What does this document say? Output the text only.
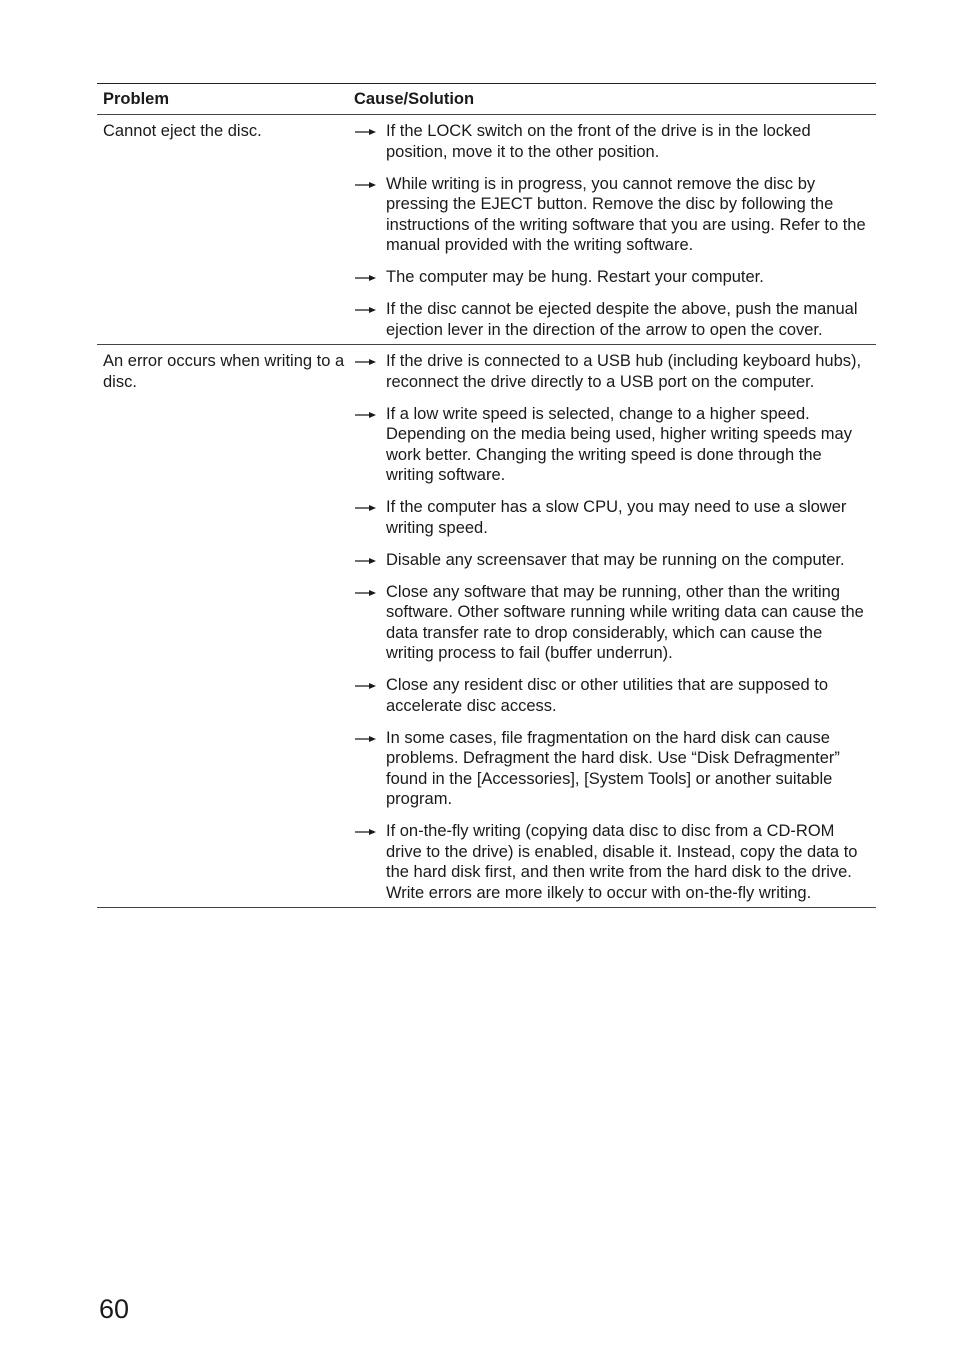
Problem	Cause/Solution
Cannot eject the disc.	If the LOCK switch on the front of the drive is in the locked position, move it to the other position.
While writing is in progress, you cannot remove the disc by pressing the EJECT button. Remove the disc by following the instructions of the writing software that you are using. Refer to the manual provided with the writing software.
The computer may be hung. Restart your computer.
If the disc cannot be ejected despite the above, push the manual ejection lever in the direction of the arrow to open the cover.
An error occurs when writing to a disc.
If the drive is connected to a USB hub (including keyboard hubs), reconnect the drive directly to a USB port on the computer.
If a low write speed is selected, change to a higher speed. Depending on the media being used, higher writing speeds may work better. Changing the writing speed is done through the writing software.
If the computer has a slow CPU, you may need to use a slower writing speed.
Disable any screensaver that may be running on the computer.
Close any software that may be running, other than the writing software. Other software running while writing data can cause the data transfer rate to drop considerably, which can cause the writing process to fail (buffer underrun).
Close any resident disc or other utilities that are supposed to accelerate disc access.
In some cases, file fragmentation on the hard disk can cause problems. Defragment the hard disk. Use “Disk Defragmenter” found in the [Accessories], [System Tools] or another suitable program.
If on-the-fly writing (copying data disc to disc from a CD-ROM drive to the drive) is enabled, disable it. Instead, copy the data to the hard disk first, and then write from the hard disk to the drive. Write errors are more ilkely to occur with on-the-fly writing.
60
